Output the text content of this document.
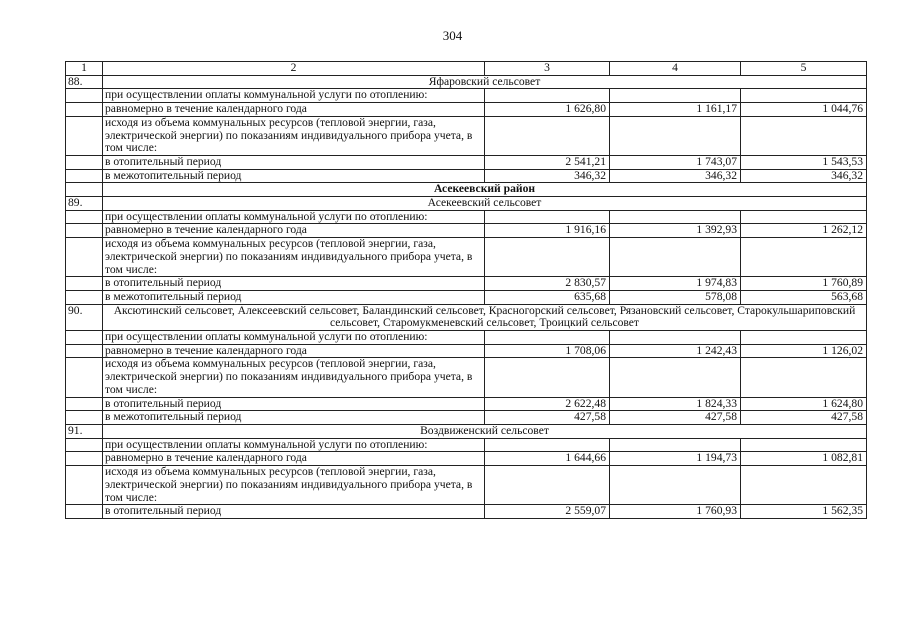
304
1	2	3	4	5
88.	Яфаровский сельсовет			
	при осуществлении оплаты коммунальной услуги по отоплению:			
	равномерно в течение календарного года	1 626,80	1 161,17	1 044,76
	исходя из объема коммунальных ресурсов (тепловой энергии, газа, электрической энергии) по показаниям индивидуального прибора учета, в том числе:			
	в отопительный период	2 541,21	1 743,07	1 543,53
	в межотопительный период	346,32	346,32	346,32
	Асекеевский район			
89.	Асекеевский сельсовет			
	при осуществлении оплаты коммунальной услуги по отоплению:			
	равномерно в течение календарного года	1 916,16	1 392,93	1 262,12
	исходя из объема коммунальных ресурсов (тепловой энергии, газа, электрической энергии) по показаниям индивидуального прибора учета, в том числе:			
	в отопительный период	2 830,57	1 974,83	1 760,89
	в межотопительный период	635,68	578,08	563,68
90.	Аксютинский сельсовет, Алексеевский сельсовет, Баландинский сельсовет, Красногорский сельсовет, Рязановский сельсовет, Старокульшариповский сельсовет, Старомукменевский сельсовет, Троицкий сельсовет			
	при осуществлении оплаты коммунальной услуги по отоплению:			
	равномерно в течение календарного года	1 708,06	1 242,43	1 126,02
	исходя из объема коммунальных ресурсов (тепловой энергии, газа, электрической энергии) по показаниям индивидуального прибора учета, в том числе:			
	в отопительный период	2 622,48	1 824,33	1 624,80
	в межотопительный период	427,58	427,58	427,58
91.	Воздвиженский сельсовет			
	при осуществлении оплаты коммунальной услуги по отоплению:			
	равномерно в течение календарного года	1 644,66	1 194,73	1 082,81
	исходя из объема коммунальных ресурсов (тепловой энергии, газа, электрической энергии) по показаниям индивидуального прибора учета, в том числе:			
	в отопительный период	2 559,07	1 760,93	1 562,35
